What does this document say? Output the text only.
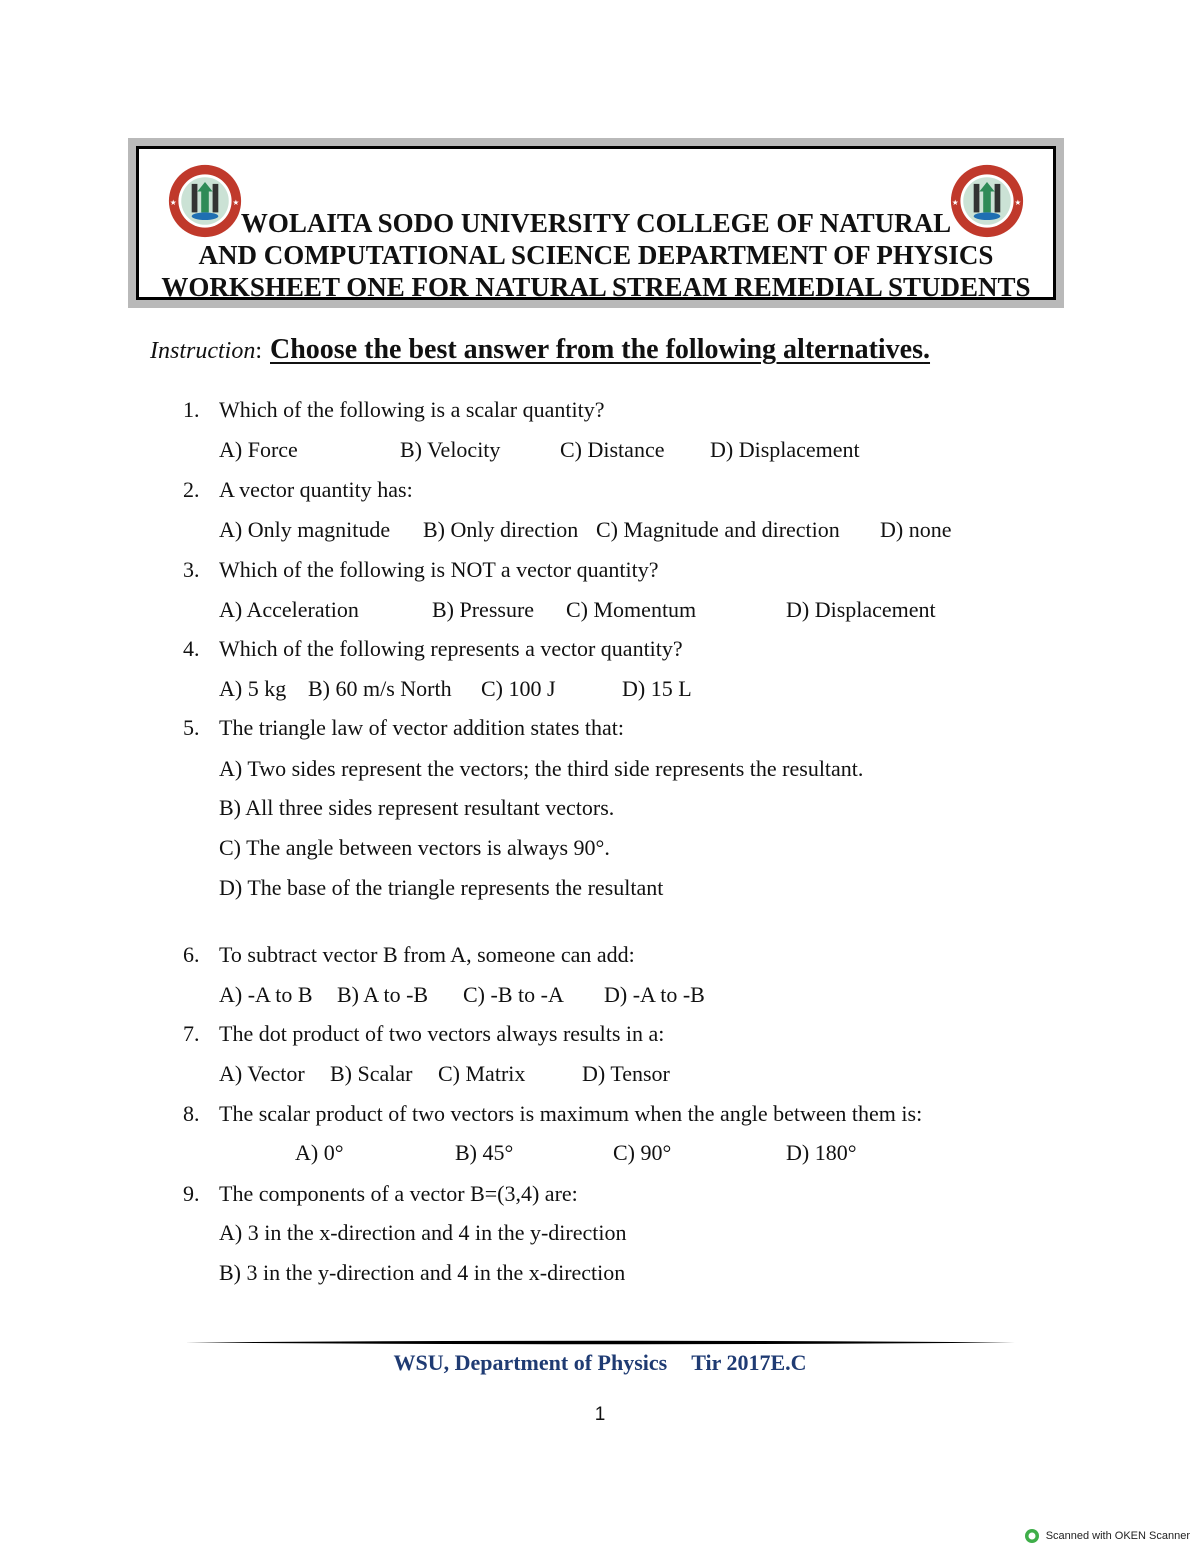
★	★	★	★
WOLAITA SODO UNIVERSITY COLLEGE OF NATURAL
AND COMPUTATIONAL SCIENCE DEPARTMENT OF PHYSICS
WORKSHEET ONE FOR NATURAL STREAM REMEDIAL STUDENTS
Instruction: Choose the best answer from the following alternatives.
1. Which of the following is a scalar quantity?
A) Force	B) Velocity	C) Distance D) Displacement
2. A vector quantity has:
A) Only magnitude B) Only direction C) Magnitude and direction D) none
3. Which of the following is NOT a vector quantity?
A) Acceleration	B) Pressure C) Momentum	D) Displacement
4. Which of the following represents a vector quantity?
A) 5 kg B) 60 m/s North C) 100 J	D) 15 L
5. The triangle law of vector addition states that:
A) Two sides represent the vectors; the third side represents the resultant.
B) All three sides represent resultant vectors.
C) The angle between vectors is always 90°.
D) The base of the triangle represents the resultant
6. To subtract vector B from A, someone can add:
A) -A to B B) A to -B C) -B to -A D) -A to -B
7. The dot product of two vectors always results in a:
A) Vector B) Scalar C) Matrix	D) Tensor
8. The scalar product of two vectors is maximum when the angle between them is:
A) 0°	B) 45°	C) 90°	D) 180°
9. The components of a vector B=(3,4) are:
A) 3 in the x-direction and 4 in the y-direction
B) 3 in the y-direction and 4 in the x-direction
WSU, Department of Physics Tir 2017E.C
1
Scanned with OKEN Scanner
